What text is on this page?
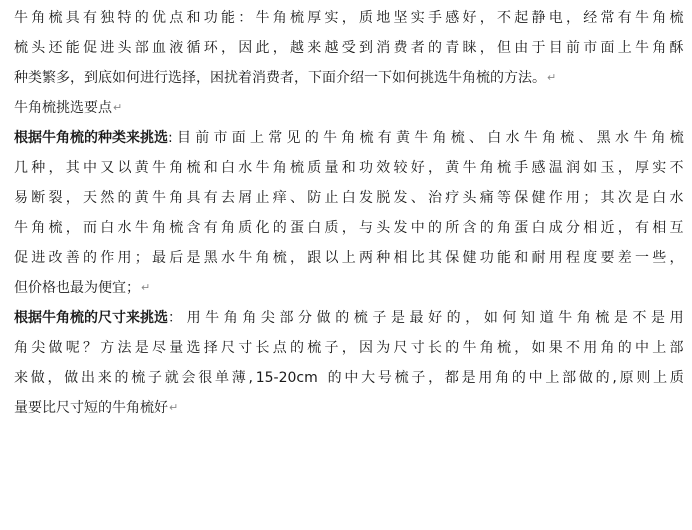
牛 角 梳 具 有 独 特 的 优 点 和 功 能 ： 牛 角 梳 厚 实 ， 质 地 坚 实 手 感 好 ， 不 起 静 电 ， 经 常 有 牛 角 梳
梳 头 还 能 促 进 头 部 血 液 循 环 ， 因 此 ， 越 来 越 受 到 消 费 者 的 青 睐 ， 但 由 于 目 前 市 面 上 牛 角 酥
种类繁多，到底如何进行选择，困扰着消费者，下面介绍一下如何挑选牛角梳的方法。 ↵
牛角梳挑选要点 ↵
根据牛角梳的种类来挑选 : 目 前 市 面 上 常 见 的 牛 角 梳 有 黄 牛 角 梳 、 白 水 牛 角 梳 、 黑 水 牛 角 梳
几 种 ， 其 中 又 以 黄 牛 角 梳 和 白 水 牛 角 梳 质 量 和 功 效 较 好 ， 黄 牛 角 梳 手 感 温 润 如 玉 ， 厚 实 不
易 断 裂 ， 天 然 的 黄 牛 角 具 有 去 屑 止 痒 、 防 止 白 发 脱 发 、 治 疗 头 痛 等 保 健 作 用 ； 其 次 是 白 水
牛 角 梳 ， 而 白 水 牛 角 梳 含 有 角 质 化 的 蛋 白 质 ， 与 头 发 中 的 所 含 的 角 蛋 白 成 分 相 近 ， 有 相 互
促 进 改 善 的 作 用 ； 最 后 是 黑 水 牛 角 梳 ， 跟 以 上 两 种 相 比 其 保 健 功 能 和 耐 用 程 度 要 差 一 些 ，
但价格也最为便宜； ↵
根据牛角梳的尺寸来挑选 ： 用 牛 角 角 尖 部 分 做 的 梳 子 是 最 好 的 ， 如 何 知 道 牛 角 梳 是 不 是 用
角 尖 做 呢 ？ 方 法 是 尽 量 选 择 尺 寸 长 点 的 梳 子 ， 因 为 尺 寸 长 的 牛 角 梳 ， 如 果 不 用 角 的 中 上 部
来 做 ， 做 出 来 的 梳 子 就 会 很 单 薄 , 15-20cm
的 中 大 号 梳 子 ， 都 是 用 角 的 中 上 部 做 的 , 原 则 上 质
量要比尺寸短的牛角梳好 ↵
